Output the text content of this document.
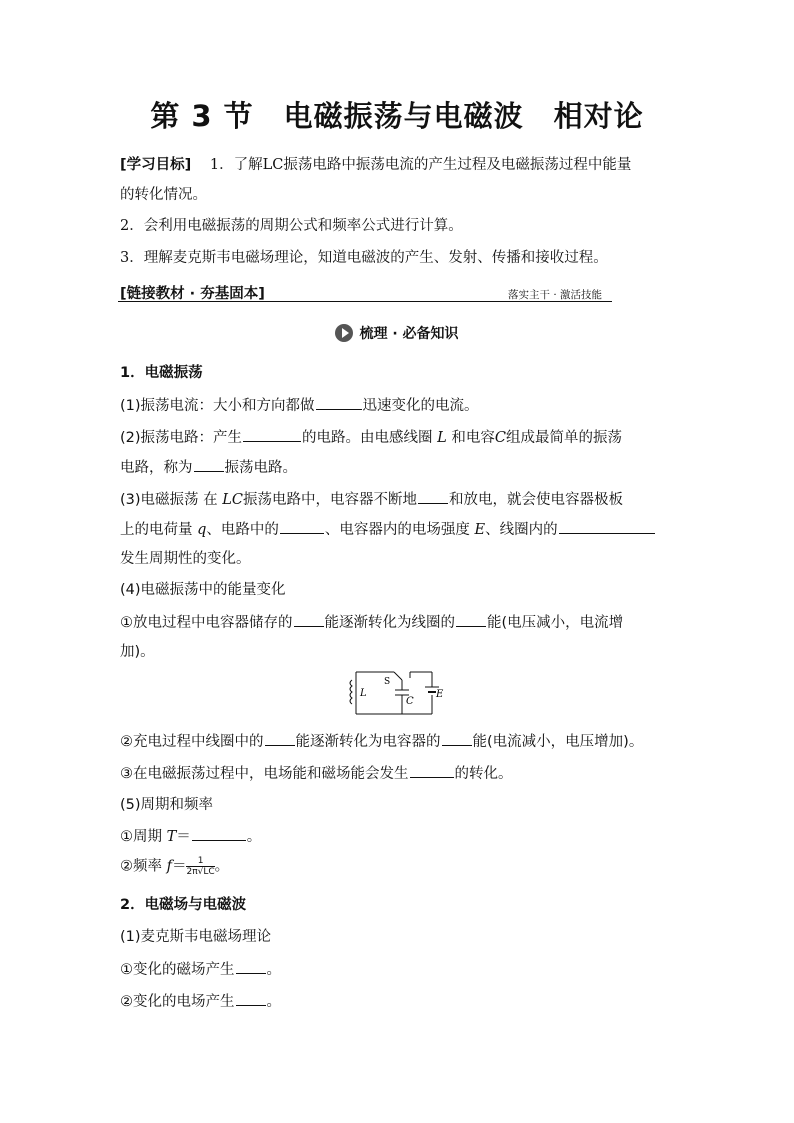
第 3 节　电磁振荡与电磁波　相对论
[学习目标] 1．了解LC振荡电路中振荡电流的产生过程及电磁振荡过程中能量
的转化情况。
2．会利用电磁振荡的周期公式和频率公式进行计算。
3．理解麦克斯韦电磁场理论，知道电磁波的产生、发射、传播和接收过程。
[链接教材 · 夯基固本]	落实主干 · 激活技能
梳理 · 必备知识
1．电磁振荡
(1)振荡电流：大小和方向都做	迅速变化的电流。
(2)振荡电路：产生	的电路。由电感线圈 L 和电容C组成最简单的振荡
电路，称为 振荡电路。
(3)电磁振荡 在 LC振荡电路中，电容器不断地 和放电，就会使电容器极板
上的电荷量 q、电路中的	、电容器内的电场强度 E、线圈内的
发生周期性的变化。
(4)电磁振荡中的能量变化
①放电过程中电容器储存的 能逐渐转化为线圈的 能(电压减小，电流增
加)。
L
S
C
E
②充电过程中线圈中的 能逐渐转化为电容器的 能(电流减小，电压增加)。
③在电磁振荡过程中，电场能和磁场能会发生	的转化。
(5)周期和频率
①周期 T＝	。
②频率 $f= \frac{1}{2\pi√LC}$ 。
2．电磁场与电磁波
(1)麦克斯韦电磁场理论
①变化的磁场产生 。
②变化的电场产生 。
